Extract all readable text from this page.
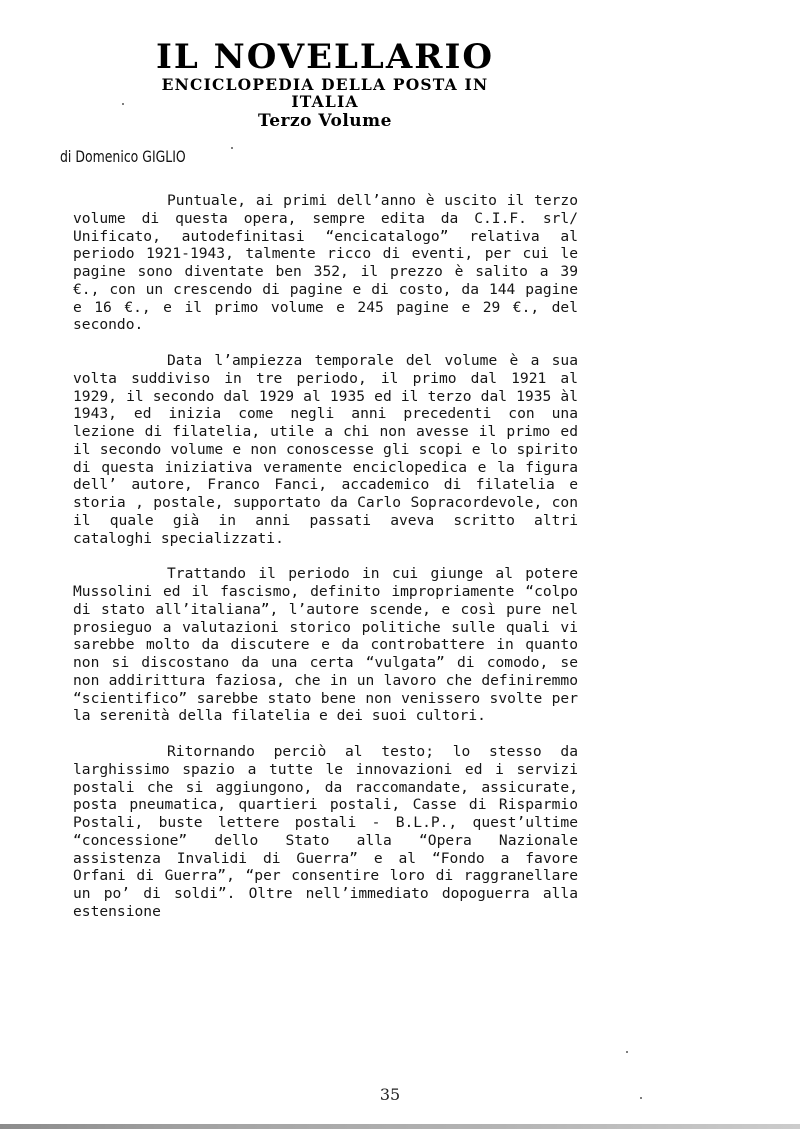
IL NOVELLARIO
ENCICLOPEDIA DELLA POSTA IN
ITALIA
Terzo Volume
di Domenico GIGLIO

Puntuale, ai primi dell’anno è uscito il terzo volume di questa opera, sempre edita da C.I.F. srl/ Unificato, autodefinitasi “encicatalogo” relativa al periodo 1921-1943, talmente ricco di eventi, per cui le pagine sono diventate ben 352, il prezzo è salito a 39 €., con un crescendo di pagine e di costo, da 144 pagine e 16 €., e il primo volume e 245 pagine e 29 €., del secondo.

Data l’ampiezza temporale del volume è a sua volta suddiviso in tre periodo, il primo dal 1921 al 1929, il secondo dal 1929 al 1935 ed il terzo dal 1935 àl 1943, ed inizia come negli anni precedenti con una lezione di filatelia, utile a chi non avesse il primo ed il secondo volume e non conoscesse gli scopi e lo spirito di questa iniziativa veramente enciclopedica e la figura dell’ autore, Franco Fanci, accademico di filatelia e storia , postale, supportato da Carlo Sopracordevole, con il quale già in anni passati aveva scritto altri cataloghi specializzati.

Trattando il periodo in cui giunge al potere Mussolini ed il fascismo, definito impropriamente “colpo di stato all’italiana”, l’autore scende, e così pure nel prosieguo a valutazioni storico politiche sulle quali vi sarebbe molto da discutere e da controbattere in quanto non si discostano da una certa “vulgata” di comodo, se non addirittura faziosa, che in un lavoro che definiremmo “scientifico” sarebbe stato bene non venissero svolte per la serenità della filatelia e dei suoi cultori.

Ritornando perciò al testo; lo stesso da larghissimo spazio a tutte le innovazioni ed i servizi postali che si aggiungono, da raccomandate, assicurate, posta pneumatica, quartieri postali, Casse di Risparmio Postali, buste lettere postali - B.L.P., quest’ultime “concessione” dello Stato alla “Opera Nazionale assistenza Invalidi di Guerra” e al “Fondo a favore Orfani di Guerra”, “per consentire loro di raggranellare un po’ di soldi”. Oltre nell’immediato dopoguerra alla estensione

35
